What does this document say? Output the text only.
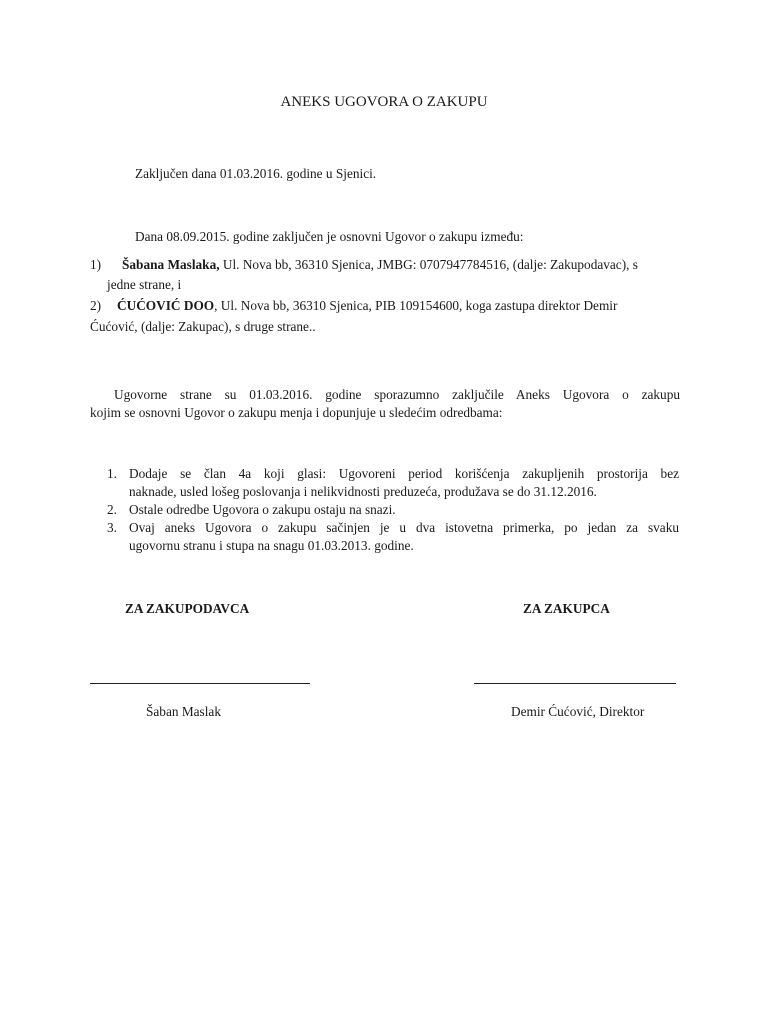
ANEKS UGOVORA O ZAKUPU
Zaključen dana 01.03.2016. godine u Sjenici.
Dana 08.09.2015. godine zaključen je osnovni Ugovor o zakupu između:
1) Šabana Maslaka, Ul. Nova bb, 36310 Sjenica, JMBG: 0707947784516, (dalje: Zakupodavac), s
jedne strane, i
2) ĆUĆOVIĆ DOO, Ul. Nova bb, 36310 Sjenica, PIB 109154600, koga zastupa direktor Demir
Ćućović, (dalje: Zakupac), s druge strane..
Ugovorne strane su 01.03.2016. godine sporazumno zaključile Aneks Ugovora o zakupu
kojim se osnovni Ugovor o zakupu menja i dopunjuje u sledećim odredbama:
1. Dodaje se član 4a koji glasi: Ugovoreni period korišćenja zakupljenih prostorija bez
naknade, usled lošeg poslovanja i nelikvidnosti preduzeća, produžava se do 31.12.2016.
2. Ostale odredbe Ugovora o zakupu ostaju na snazi.
3. Ovaj aneks Ugovora o zakupu sačinjen je u dva istovetna primerka, po jedan za svaku
ugovornu stranu i stupa na snagu 01.03.2013. godine.
ZA ZAKUPODAVCA	ZA ZAKUPCA
Šaban Maslak	Demir Ćućović, Direktor
